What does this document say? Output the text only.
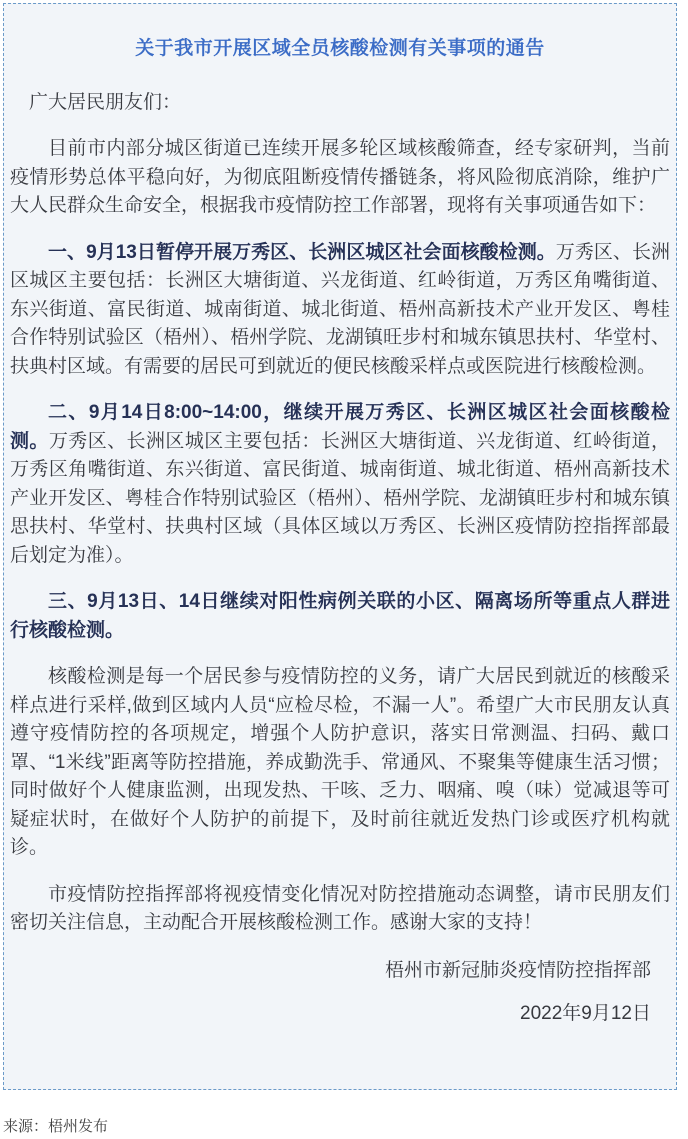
关于我市开展区域全员核酸检测有关事项的通告
广大居民朋友们：

目前市内部分城区街道已连续开展多轮区域核酸筛查，经专家研判，当前疫情形势总体平稳向好，为彻底阻断疫情传播链条，将风险彻底消除，维护广大人民群众生命安全，根据我市疫情防控工作部署，现将有关事项通告如下：

一、9月13日暂停开展万秀区、长洲区城区社会面核酸检测。万秀区、长洲区城区主要包括：长洲区大塘街道、兴龙街道、红岭街道，万秀区角嘴街道、东兴街道、富民街道、城南街道、城北街道、梧州高新技术产业开发区、粤桂合作特别试验区（梧州）、梧州学院、龙湖镇旺步村和城东镇思扶村、华堂村、扶典村区域。有需要的居民可到就近的便民核酸采样点或医院进行核酸检测。

二、9月14日8:00~14:00，继续开展万秀区、长洲区城区社会面核酸检测。万秀区、长洲区城区主要包括：长洲区大塘街道、兴龙街道、红岭街道，万秀区角嘴街道、东兴街道、富民街道、城南街道、城北街道、梧州高新技术产业开发区、粤桂合作特别试验区（梧州）、梧州学院、龙湖镇旺步村和城东镇思扶村、华堂村、扶典村区域（具体区域以万秀区、长洲区疫情防控指挥部最后划定为准）。

三、9月13日、14日继续对阳性病例关联的小区、隔离场所等重点人群进行核酸检测。

核酸检测是每一个居民参与疫情防控的义务，请广大居民到就近的核酸采样点进行采样,做到区域内人员“应检尽检，不漏一人”。希望广大市民朋友认真遵守疫情防控的各项规定，增强个人防护意识，落实日常测温、扫码、戴口罩、“1米线”距离等防控措施，养成勤洗手、常通风、不聚集等健康生活习惯；同时做好个人健康监测，出现发热、干咳、乏力、咽痛、嗅（味）觉减退等可疑症状时，在做好个人防护的前提下，及时前往就近发热门诊或医疗机构就诊。

市疫情防控指挥部将视疫情变化情况对防控措施动态调整，请市民朋友们密切关注信息，主动配合开展核酸检测工作。感谢大家的支持！

梧州市新冠肺炎疫情防控指挥部
2022年9月12日
来源：梧州发布
